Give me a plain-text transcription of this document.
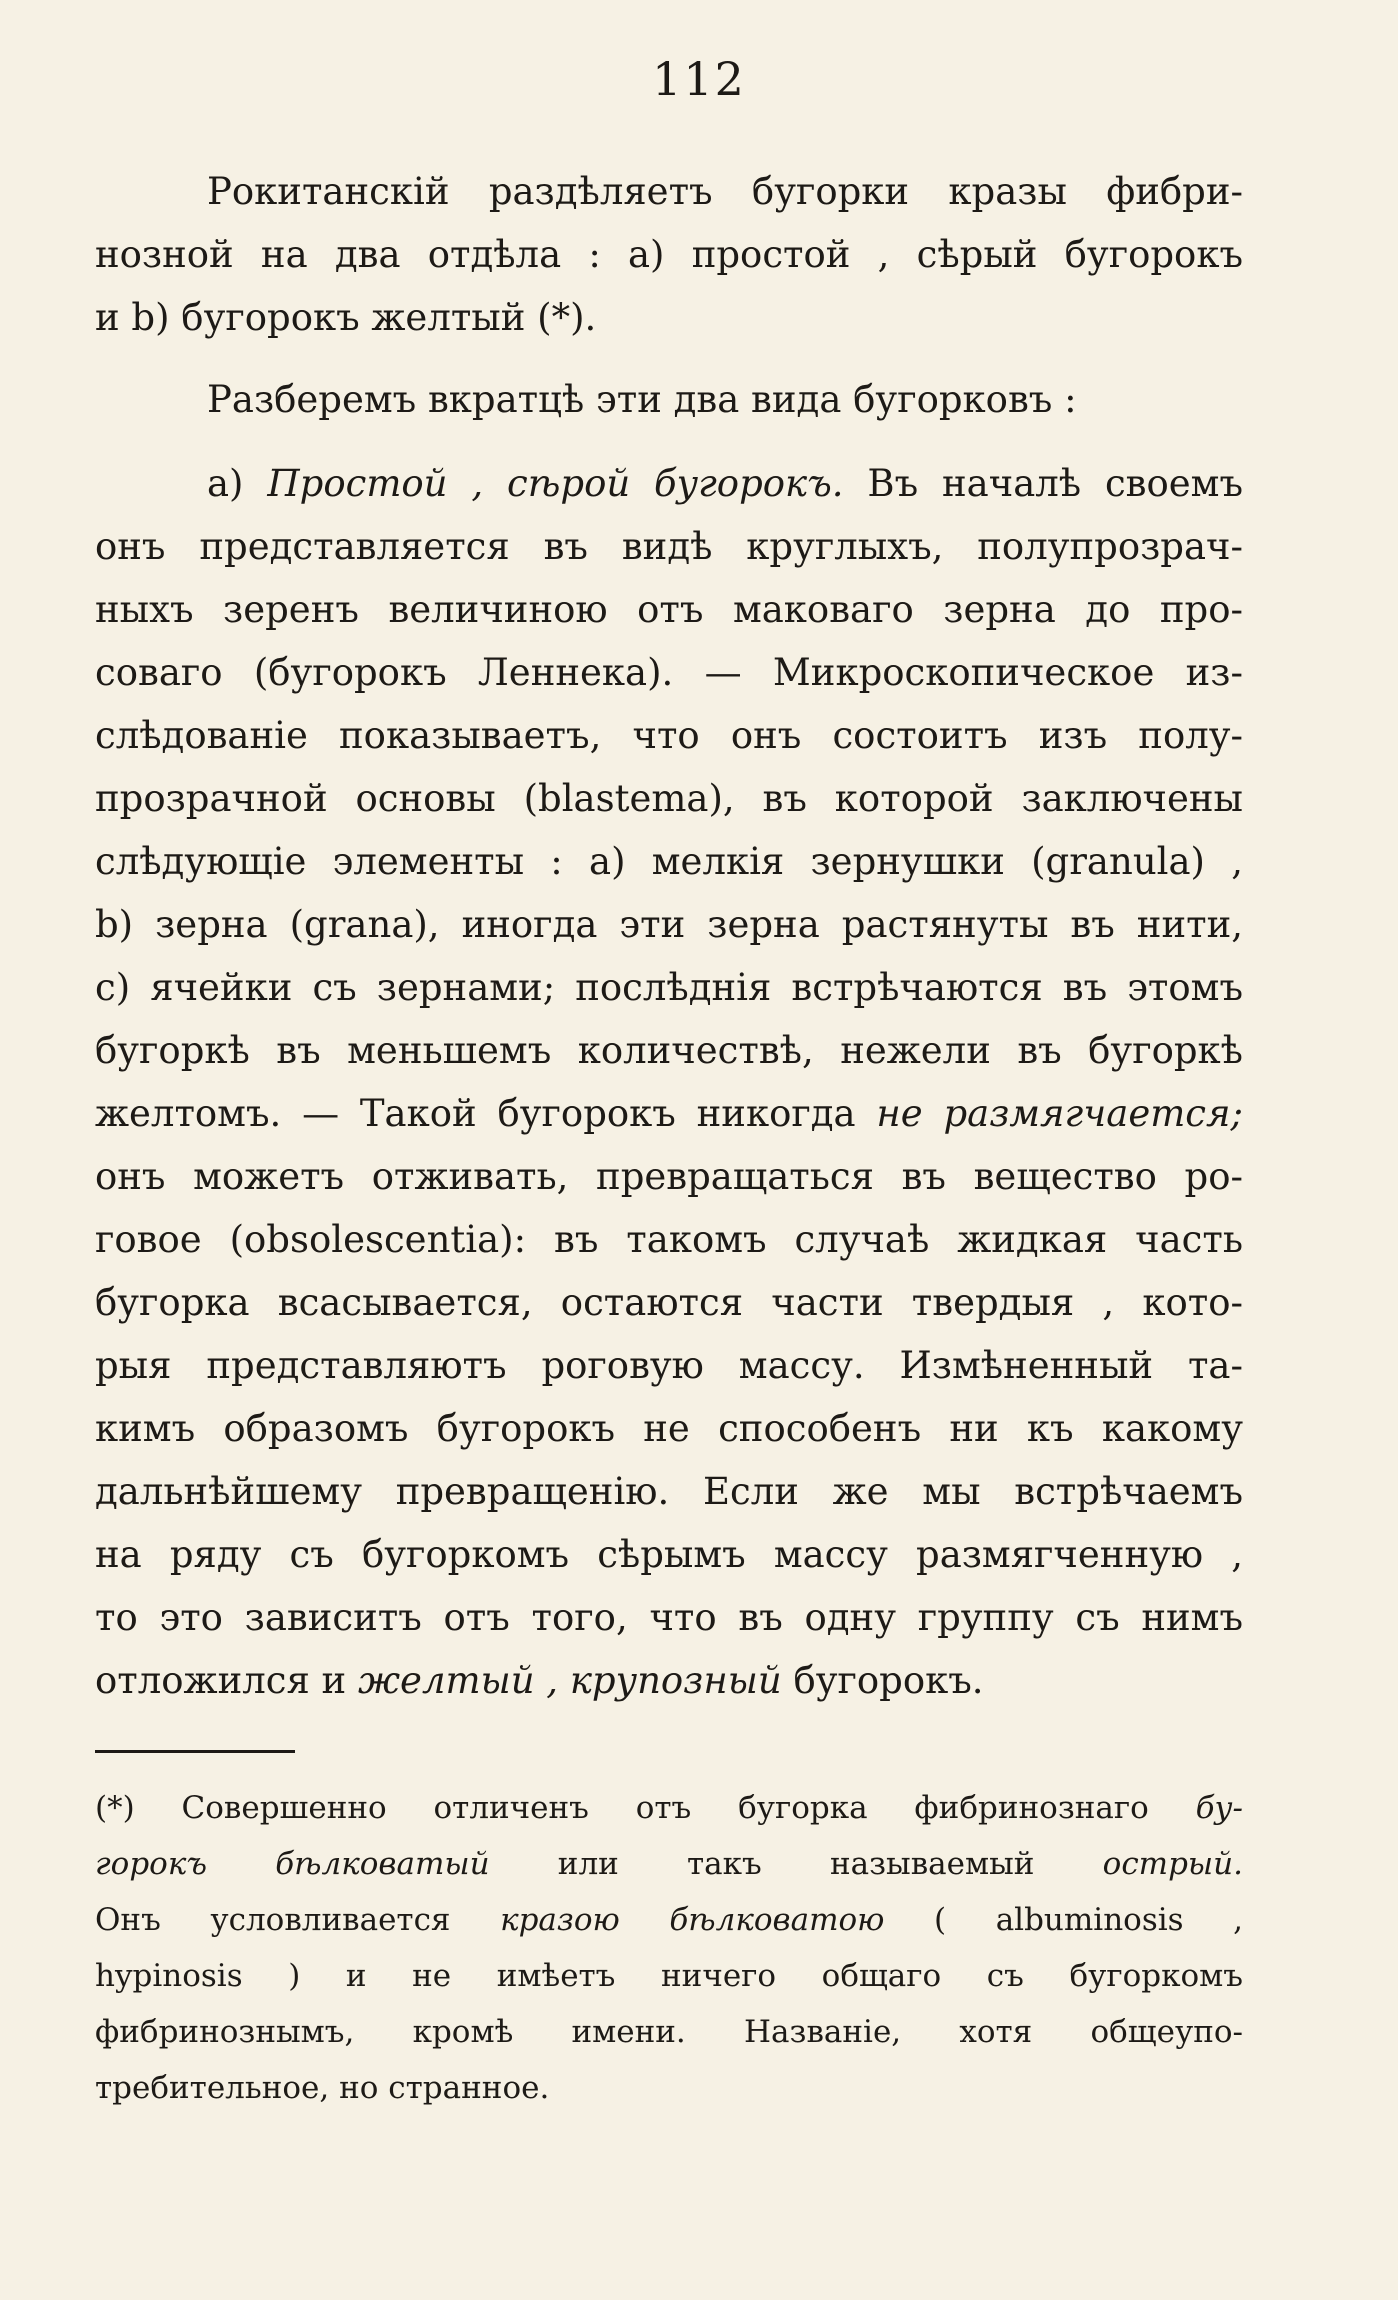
112
Рокитанскій раздѣляетъ бугорки кразы фибри-
нозной на два отдѣла : а) простой , сѣрый бугорокъ
и b) бугорокъ желтый (*).
Разберемъ вкратцѣ эти два вида бугорковъ :
а) Простой , сѣрой бугорокъ. Въ началѣ своемъ
онъ представляется въ видѣ круглыхъ, полупрозрач-
ныхъ зеренъ величиною отъ маковаго зерна до про-
соваго (бугорокъ Леннека). — Микроскопическое из-
слѣдованіе показываетъ, что онъ состоитъ изъ полу-
прозрачной основы (blastema), въ которой заключены
слѣдующіе элементы : а) мелкія зернушки (granula) ,
b) зерна (grana), иногда эти зерна растянуты въ нити,
c) ячейки съ зернами; послѣднія встрѣчаются въ этомъ
бугоркѣ въ меньшемъ количествѣ, нежели въ бугоркѣ
желтомъ. — Такой бугорокъ никогда не размягчается;
онъ можетъ отживать, превращаться въ вещество ро-
говое (obsolescentia): въ такомъ случаѣ жидкая часть
бугорка всасывается, остаются части твердыя , кото-
рыя представляютъ роговую массу. Измѣненный та-
кимъ образомъ бугорокъ не способенъ ни къ какому
дальнѣйшему превращенію. Если же мы встрѣчаемъ
на ряду съ бугоркомъ сѣрымъ массу размягченную ,
то это зависитъ отъ того, что въ одну группу съ нимъ
отложился и желтый , крупозный бугорокъ.
(*) Совершенно отличенъ отъ бугорка фибринознаго бу-
горокъ бѣлковатый или такъ называемый острый.
Онъ условливается кразою бѣлковатою ( albuminosis ,
hypinosis ) и не имѣетъ ничего общаго съ бугоркомъ
фибринознымъ, кромѣ имени. Названіе, хотя общеупо-
требительное, но странное.
